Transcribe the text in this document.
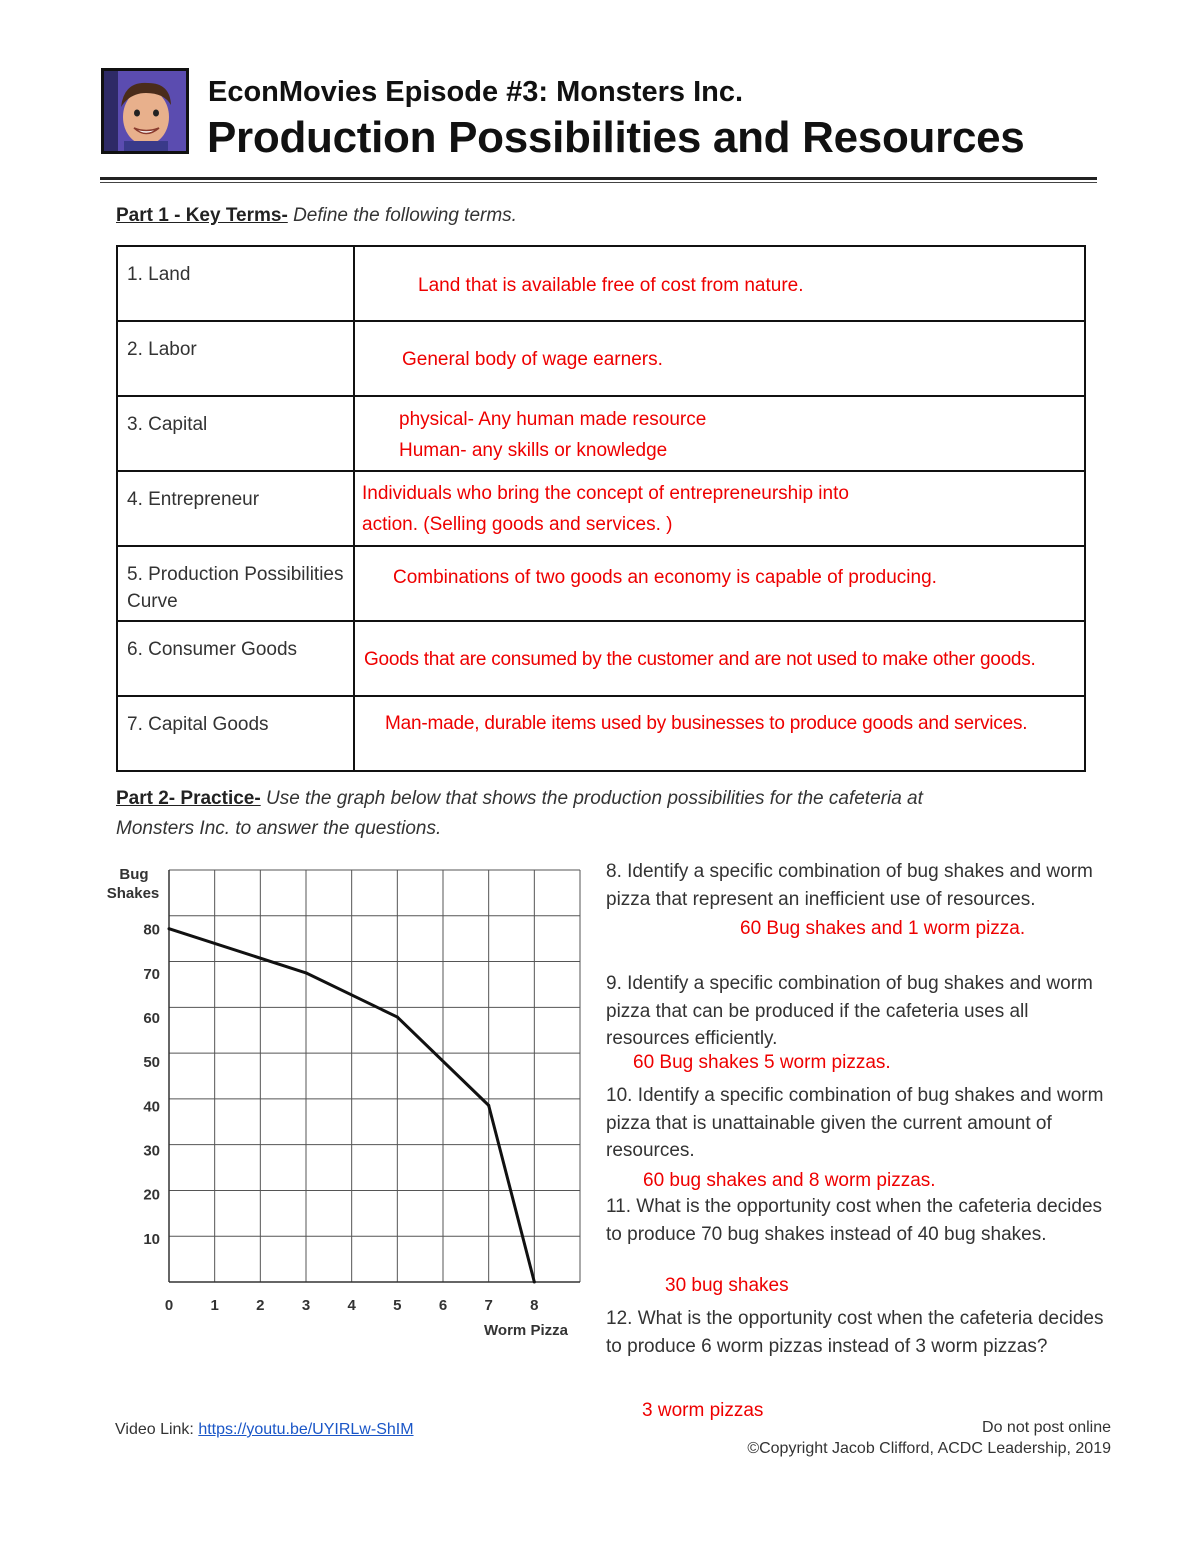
EconMovies Episode #3: Monsters Inc.
Production Possibilities and Resources
Part 1 - Key Terms- Define the following terms.
1. Land	Land that is available free of cost from nature.

2. Labor	General body of wage earners.

3. Capital	physical- Any human made resource
Human- any skills or knowledge

4. Entrepreneur	Individuals who bring the concept of entrepreneurship into
action. (Selling goods and services. )

5. Production Possibilities Curve	Combinations of two goods an economy is capable of producing.

6. Consumer Goods	Goods that are consumed by the customer and are not used to make other goods.

7. Capital Goods	Man-made, durable items used by businesses to produce goods and services.
Part 2- Practice- Use the graph below that shows the production possibilities for the cafeteria at
Monsters Inc. to answer the questions.
0 1 2 3 4 5 6 7 8
10
20
30
40
50
60
70
80
Bug
Shakes
Worm Pizza
8. Identify a specific combination of bug shakes and worm pizza that represent an inefficient use of resources.
60 Bug shakes and 1 worm pizza.
9. Identify a specific combination of bug shakes and worm pizza that can be produced if the cafeteria uses all resources efficiently.
60 Bug shakes 5 worm pizzas.
10. Identify a specific combination of bug shakes and worm pizza that is unattainable given the current amount of resources.
60 bug shakes and 8 worm pizzas.
11. What is the opportunity cost when the cafeteria decides to produce 70 bug shakes instead of 40 bug shakes.
30 bug shakes
12. What is the opportunity cost when the cafeteria decides to produce 6 worm pizzas instead of 3 worm pizzas?
3 worm pizzas
Video Link: https://youtu.be/UYIRLw-ShIM	Do not post online
©Copyright Jacob Clifford, ACDC Leadership, 2019
